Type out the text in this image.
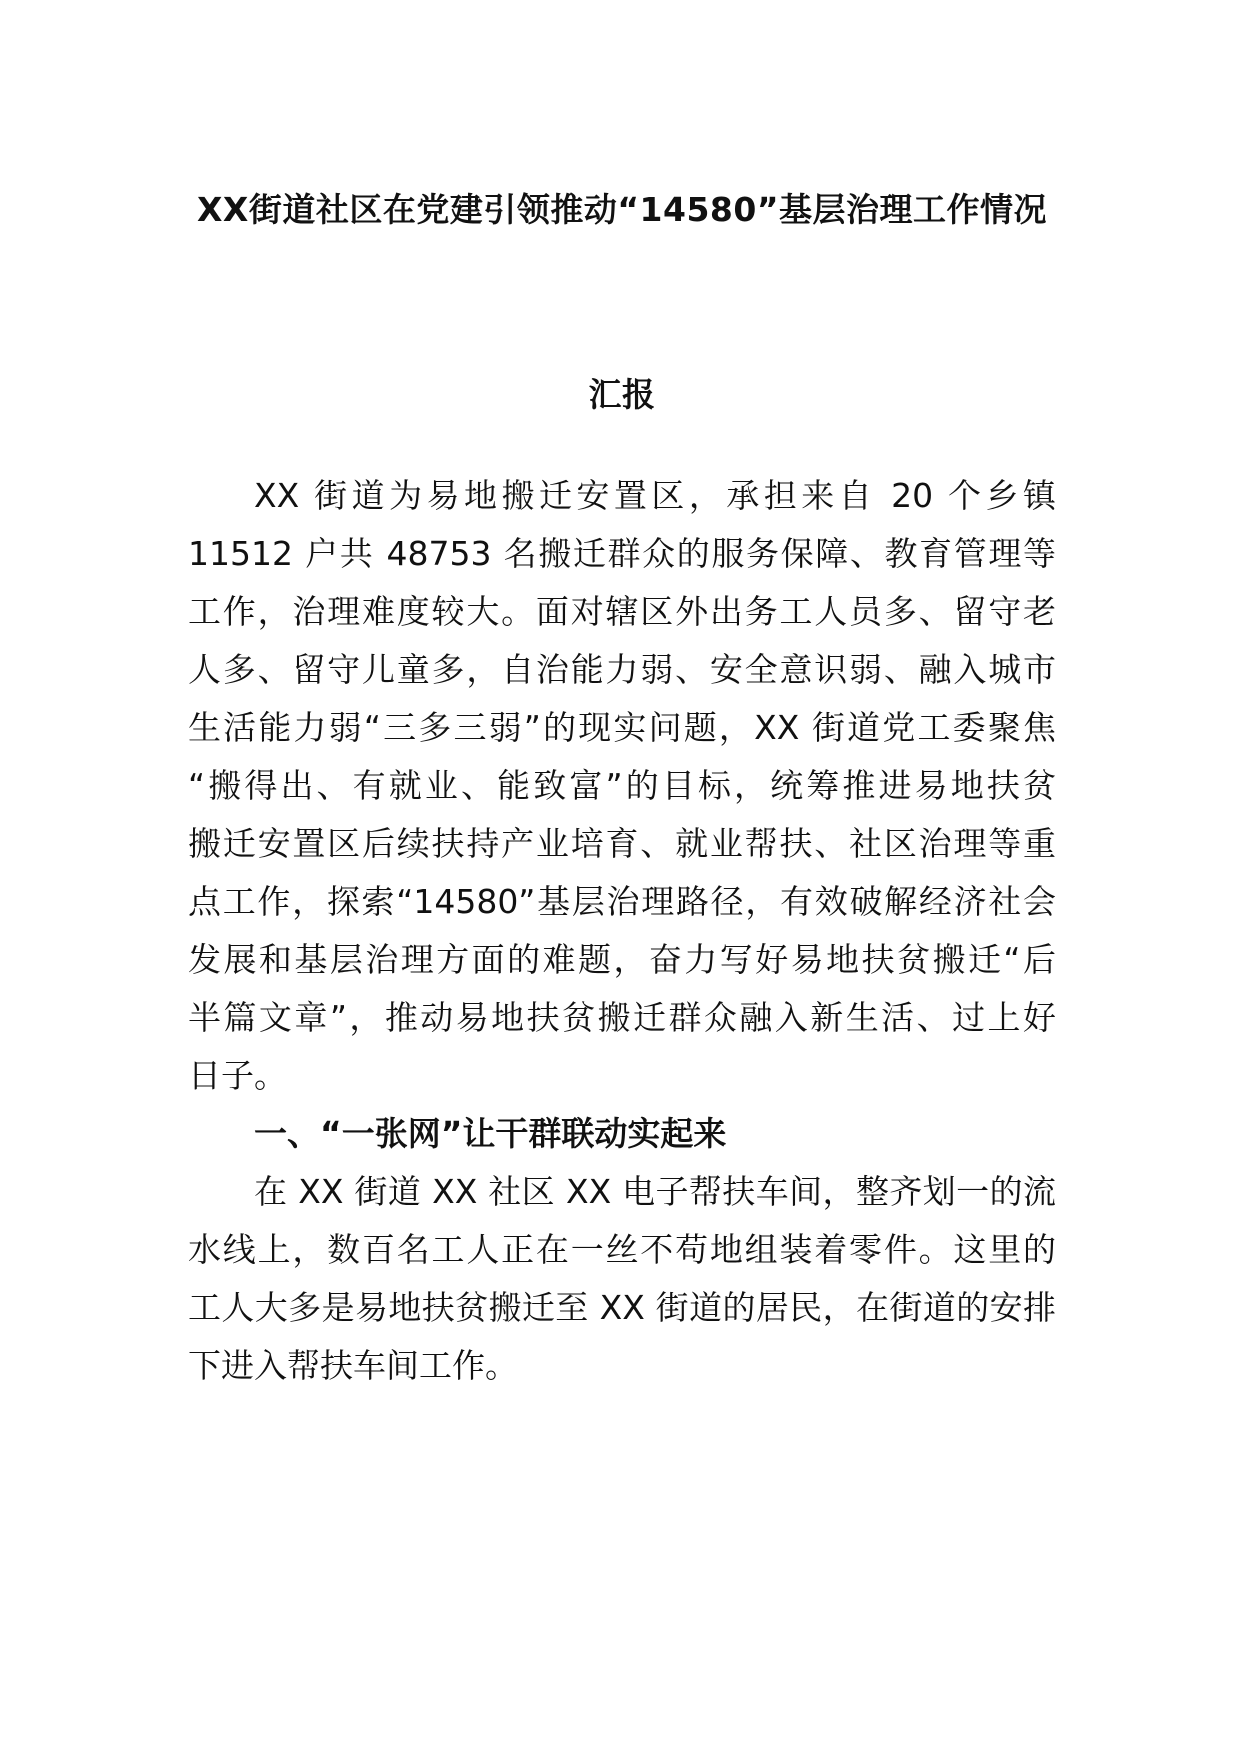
XX街道社区在党建引领推动“14580”基层治理工作情况
汇报
XX 街道为易地搬迁安置区，承担来自 20 个乡镇
11512 户共 48753 名搬迁群众的服务保障、教育管理等
工作，治理难度较大。面对辖区外出务工人员多、留守老
人多、留守儿童多，自治能力弱、安全意识弱、融入城市
生活能力弱“三多三弱”的现实问题，XX 街道党工委聚焦
“搬得出、有就业、能致富”的目标，统筹推进易地扶贫
搬迁安置区后续扶持产业培育、就业帮扶、社区治理等重
点工作，探索“14580”基层治理路径，有效破解经济社会
发展和基层治理方面的难题，奋力写好易地扶贫搬迁“后
半篇文章”，推动易地扶贫搬迁群众融入新生活、过上好
日子。
一、“一张网”让干群联动实起来
在 XX 街道 XX 社区 XX 电子帮扶车间，整齐划一的流
水线上，数百名工人正在一丝不苟地组装着零件。这里的
工人大多是易地扶贫搬迁至 XX 街道的居民，在街道的安排
下进入帮扶车间工作。
